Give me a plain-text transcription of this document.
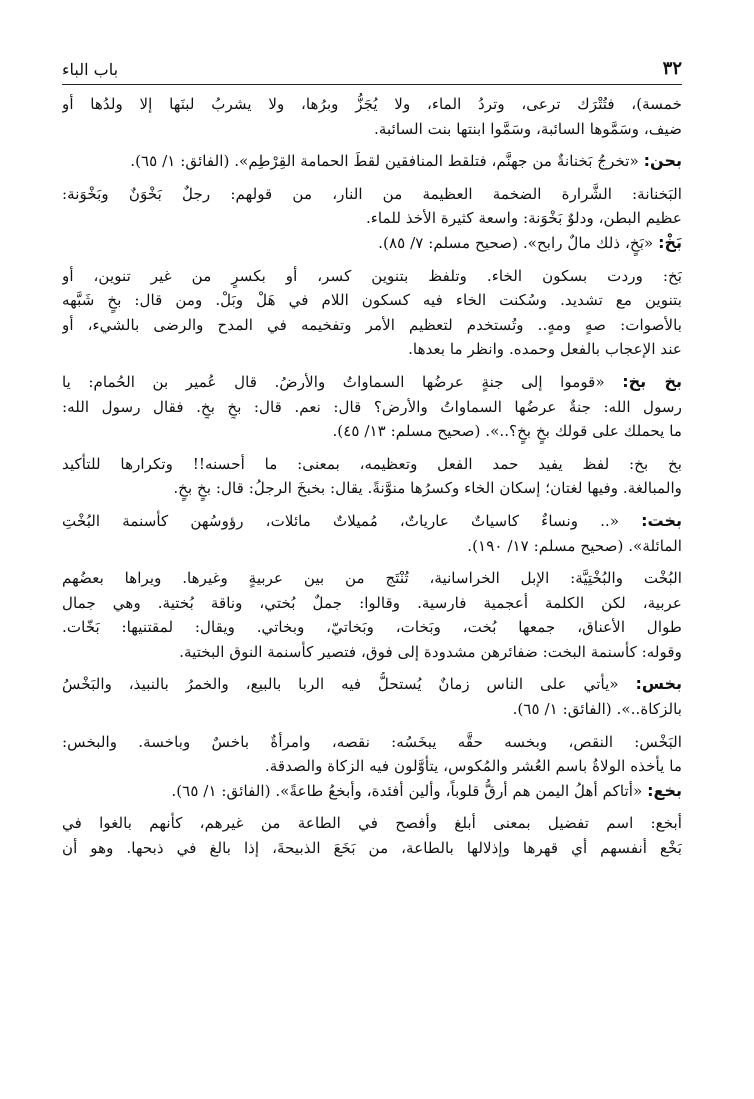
٣٢
باب الباء
خمسة)، فتُتْرَك ترعى، وتردُ الماء، ولا يُجَزُّ وبرُها، ولا يشربُ لبنَها إلا ولدُها أو
ضيف، وسَمَّوها السائبة، وسَمَّوا ابنتها بنت السائبة.
بحن: «تخرجُ بَخنانةٌ من جهنَّم، فتلقط المنافقين لقطَ الحمامة القِرْطِم». (الفائق: ١/ ٦٥).
البَخنانة: الشَّرارة الضخمة العظيمة من النار، من قولهم: رجلٌ بَخْوَنٌ وبَخْوَنة:
عظيم البطن، ودلوٌ بَخْوَنة: واسعة كثيرة الأخذ للماء.
بَخْ: «بَخٍ، ذلك مالٌ رابح». (صحيح مسلم: ٧/ ٨٥).
بَخ: وردت بسكون الخاء. وتلفظ بتنوين كسر، أو بكسرٍ من غير تنوين، أو
بتنوين مع تشديد. وسُكنت الخاء فيه كسكون اللام في هَلْ وبَلْ. ومن قال: بخٍ شَبَّهه
بالأصوات: صهٍ ومهٍ.. وتُستخدم لتعظيم الأمر وتفخيمه في المدح والرضى بالشيء، أو
عند الإعجاب بالفعل وحمده. وانظر ما بعدها.
بخ بخ: «قوموا إلى جنةٍ عرضُها السماواتُ والأرضُ. قال عُمير بن الحُمام: يا
رسول الله: جنةٌ عرضُها السماواتُ والأرض؟ قال: نعم. قال: بخٍ بخٍ. فقال رسول الله:
ما يحملك على قولك بخٍ بخٍ؟..». (صحيح مسلم: ١٣/ ٤٥).
بخ بخ: لفظ يفيد حمد الفعل وتعظيمه، بمعنى: ما أحسنه!! وتكرارها للتأكيد
والمبالغة. وفيها لغتان؛ إسكان الخاء وكسرُها منوَّنةً. يقال: بخبخَ الرجلُ: قال: بخٍ بخٍ.
بخت: «.. ونساءٌ كاسياتٌ عارياتٌ، مُميلاتٌ مائلات، رؤوسُهن كأسنمة البُخْتِ
المائلة». (صحيح مسلم: ١٧/ ١٩٠).
البُخْت والبُخْتِيَّة: الإبل الخراسانية، تُنْتَج من بين عربيةٍ وغيرها. ويراها بعضُهم
عربية، لكن الكلمة أعجمية فارسية. وقالوا: جملٌ بُختي، وناقة بُختية. وهي جمال
طوال الأعناق، جمعها بُخت، وبَخات، وبَخاتيّ، وبخاتي. ويقال: لمقتنيها: بَخّات.
وقوله: كأسنمة البخت: ضفائرهن مشدودة إلى فوق، فتصير كأسنمة النوق البختية.
بخس: «يأتي على الناس زمانٌ يُستحلُّ فيه الربا بالبيع، والخمرُ بالنبيذ، والبَخْسُ
بالزكاة..». (الفائق: ١/ ٦٥).
البَخْس: النقص، وبخسه حقَّه يبخَسُه: نقصه، وامرأةٌ باخسٌ وباخسة. والبخس:
ما يأخذه الولاةُ باسم العُشر والمُكوس، يتأوَّلون فيه الزكاة والصدقة.
بخع: «أتاكم أهلُ اليمن هم أرقُّ قلوباً، وألين أفئدة، وأبخعُ طاعةً». (الفائق: ١/ ٦٥).
أبخع: اسم تفضيل بمعنى أبلغ وأفصح في الطاعة من غيرهم، كأنهم بالغوا في
بَخْع أنفسهم أي قهرها وإذلالها بالطاعة، من بَخَعَ الذبيحةَ، إذا بالغ في ذبحها. وهو أن
